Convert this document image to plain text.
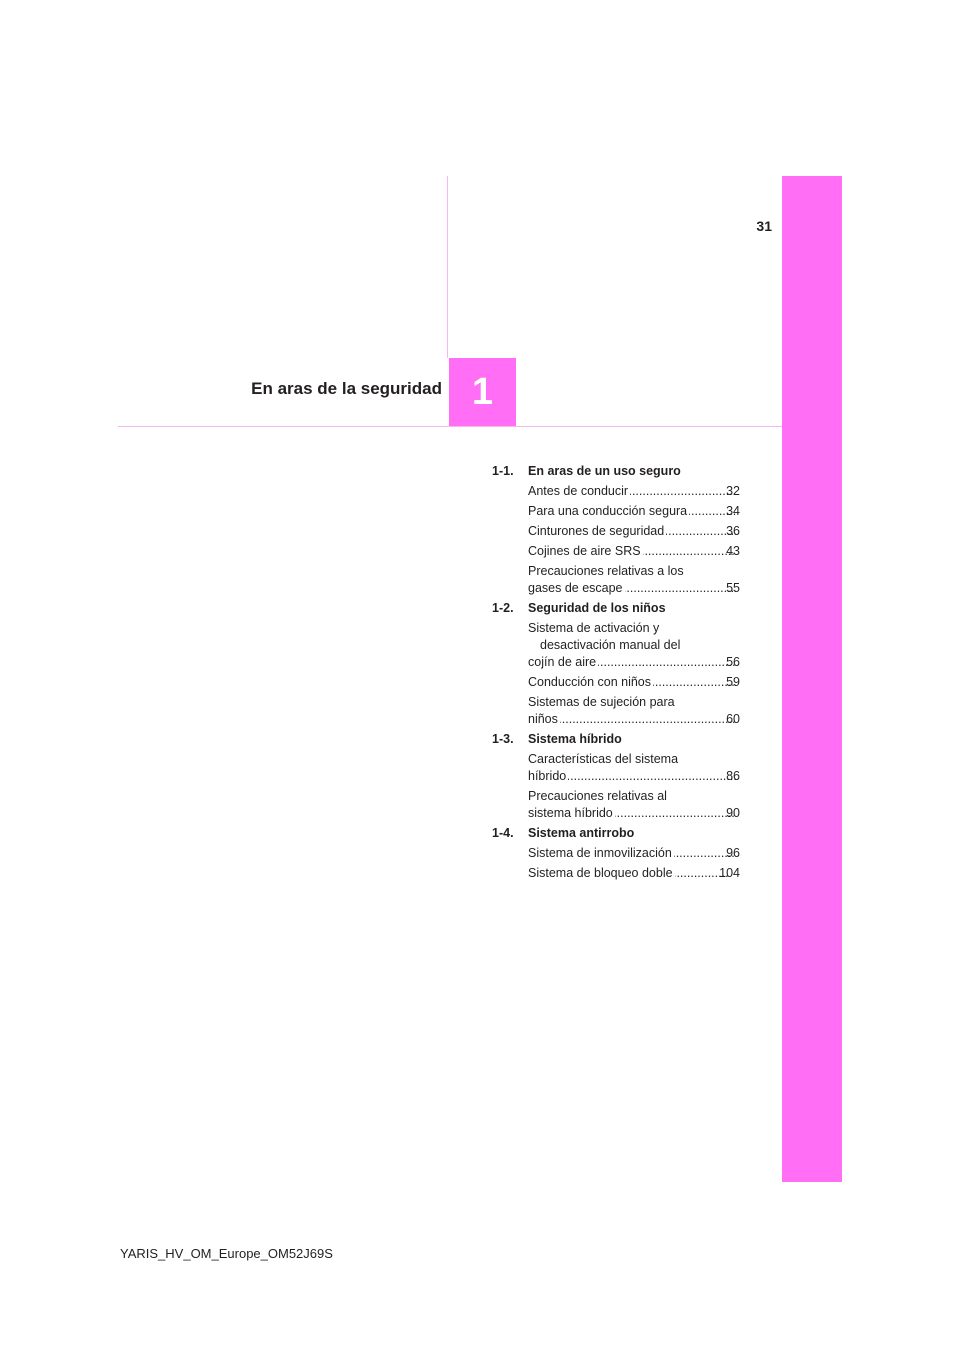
31
En aras de la seguridad 1
1-1.	En aras de un uso seguro
Antes de conducir .....	32
Para una conducción segura .....	34
Cinturones de seguridad .....	36
Cojines de aire SRS .....	43
Precauciones relativas a los
gases de escape .....	55
1-2.	Seguridad de los niños
Sistema de activación y
desactivación manual del
cojín de aire .....	56
Conducción con niños .....	59
Sistemas de sujeción para
niños .....	60
1-3.	Sistema híbrido
Características del sistema
híbrido .....	86
Precauciones relativas al
sistema híbrido .....	90
1-4.	Sistema antirrobo
Sistema de inmovilización .....	96
Sistema de bloqueo doble .....	104
YARIS_HV_OM_Europe_OM52J69S
